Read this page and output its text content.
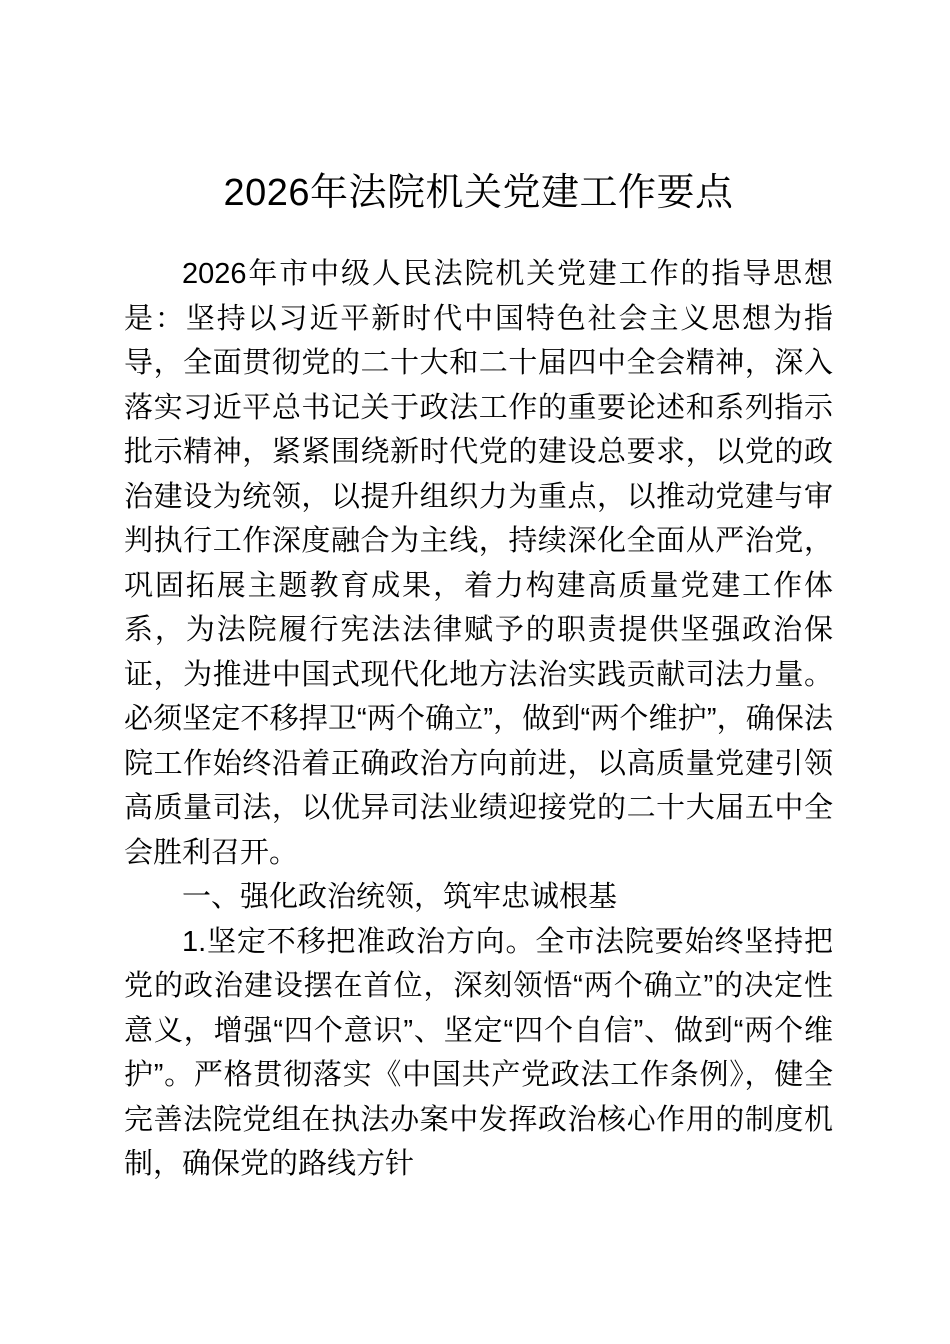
2026年法院机关党建工作要点

2026年市中级人民法院机关党建工作的指导思想是：坚持以习近平新时代中国特色社会主义思想为指导，全面贯彻党的二十大和二十届四中全会精神，深入落实习近平总书记关于政法工作的重要论述和系列指示批示精神，紧紧围绕新时代党的建设总要求，以党的政治建设为统领，以提升组织力为重点，以推动党建与审判执行工作深度融合为主线，持续深化全面从严治党，巩固拓展主题教育成果，着力构建高质量党建工作体系，为法院履行宪法法律赋予的职责提供坚强政治保证，为推进中国式现代化地方法治实践贡献司法力量。必须坚定不移捍卫“两个确立”，做到“两个维护”，确保法院工作始终沿着正确政治方向前进，以高质量党建引领高质量司法，以优异司法业绩迎接党的二十大届五中全会胜利召开。

一、强化政治统领，筑牢忠诚根基

1.坚定不移把准政治方向。全市法院要始终坚持把党的政治建设摆在首位，深刻领悟“两个确立”的决定性意义，增强“四个意识”、坚定“四个自信”、做到“两个维护”。严格贯彻落实《中国共产党政法工作条例》，健全完善法院党组在执法办案中发挥政治核心作用的制度机制，确保党的路线方针
